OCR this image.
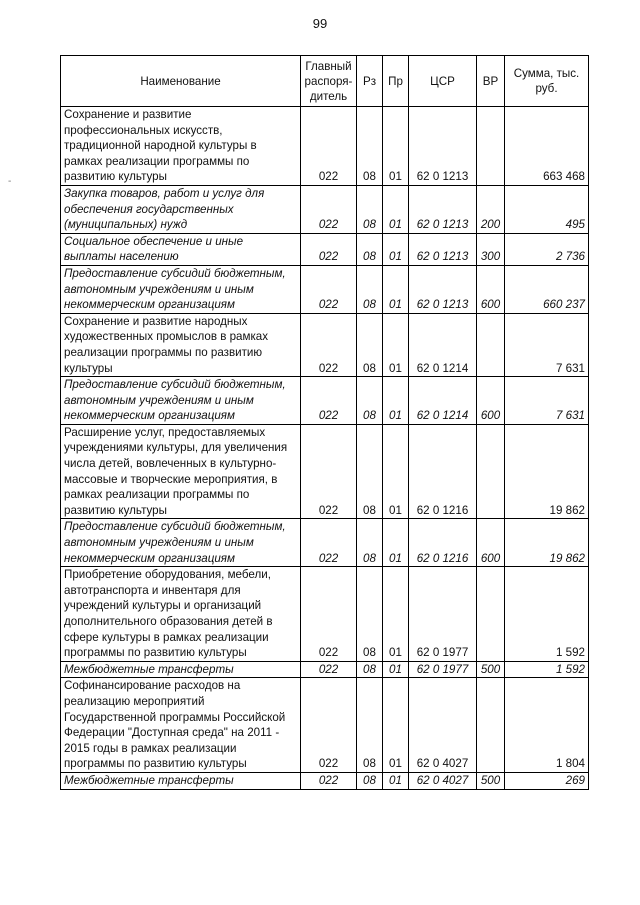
99
-
Наименование	Главный распоря-дитель	Рз	Пр	ЦСР	ВР	Сумма, тыс. руб.
Сохранение и развитие профессиональных искусств, традиционной народной культуры в рамках реализации программы по развитию культуры	022	08	01	62 0 1213		663 468
Закупка товаров, работ и услуг для обеспечения государственных (муниципальных) нужд	022	08	01	62 0 1213	200	495
Социальное обеспечение и иные выплаты населению	022	08	01	62 0 1213	300	2 736
Предоставление субсидий бюджетным, автономным учреждениям и иным некоммерческим организациям	022	08	01	62 0 1213	600	660 237
Сохранение и развитие народных художественных промыслов в рамках реализации программы по развитию культуры	022	08	01	62 0 1214		7 631
Предоставление субсидий бюджетным, автономным учреждениям и иным некоммерческим организациям	022	08	01	62 0 1214	600	7 631
Расширение услуг, предоставляемых учреждениями культуры, для увеличения числа детей, вовлеченных в культурно-массовые и творческие мероприятия, в рамках реализации программы по развитию культуры	022	08	01	62 0 1216		19 862
Предоставление субсидий бюджетным, автономным учреждениям и иным некоммерческим организациям	022	08	01	62 0 1216	600	19 862
Приобретение оборудования, мебели, автотранспорта и инвентаря для учреждений культуры и организаций дополнительного образования детей в сфере культуры в рамках реализации программы по развитию культуры	022	08	01	62 0 1977		1 592
Межбюджетные трансферты	022	08	01	62 0 1977	500	1 592
Софинансирование расходов на реализацию мероприятий Государственной программы Российской Федерации "Доступная среда" на 2011 - 2015 годы в рамках реализации программы по развитию культуры	022	08	01	62 0 4027		1 804
Межбюджетные трансферты	022	08	01	62 0 4027	500	269
